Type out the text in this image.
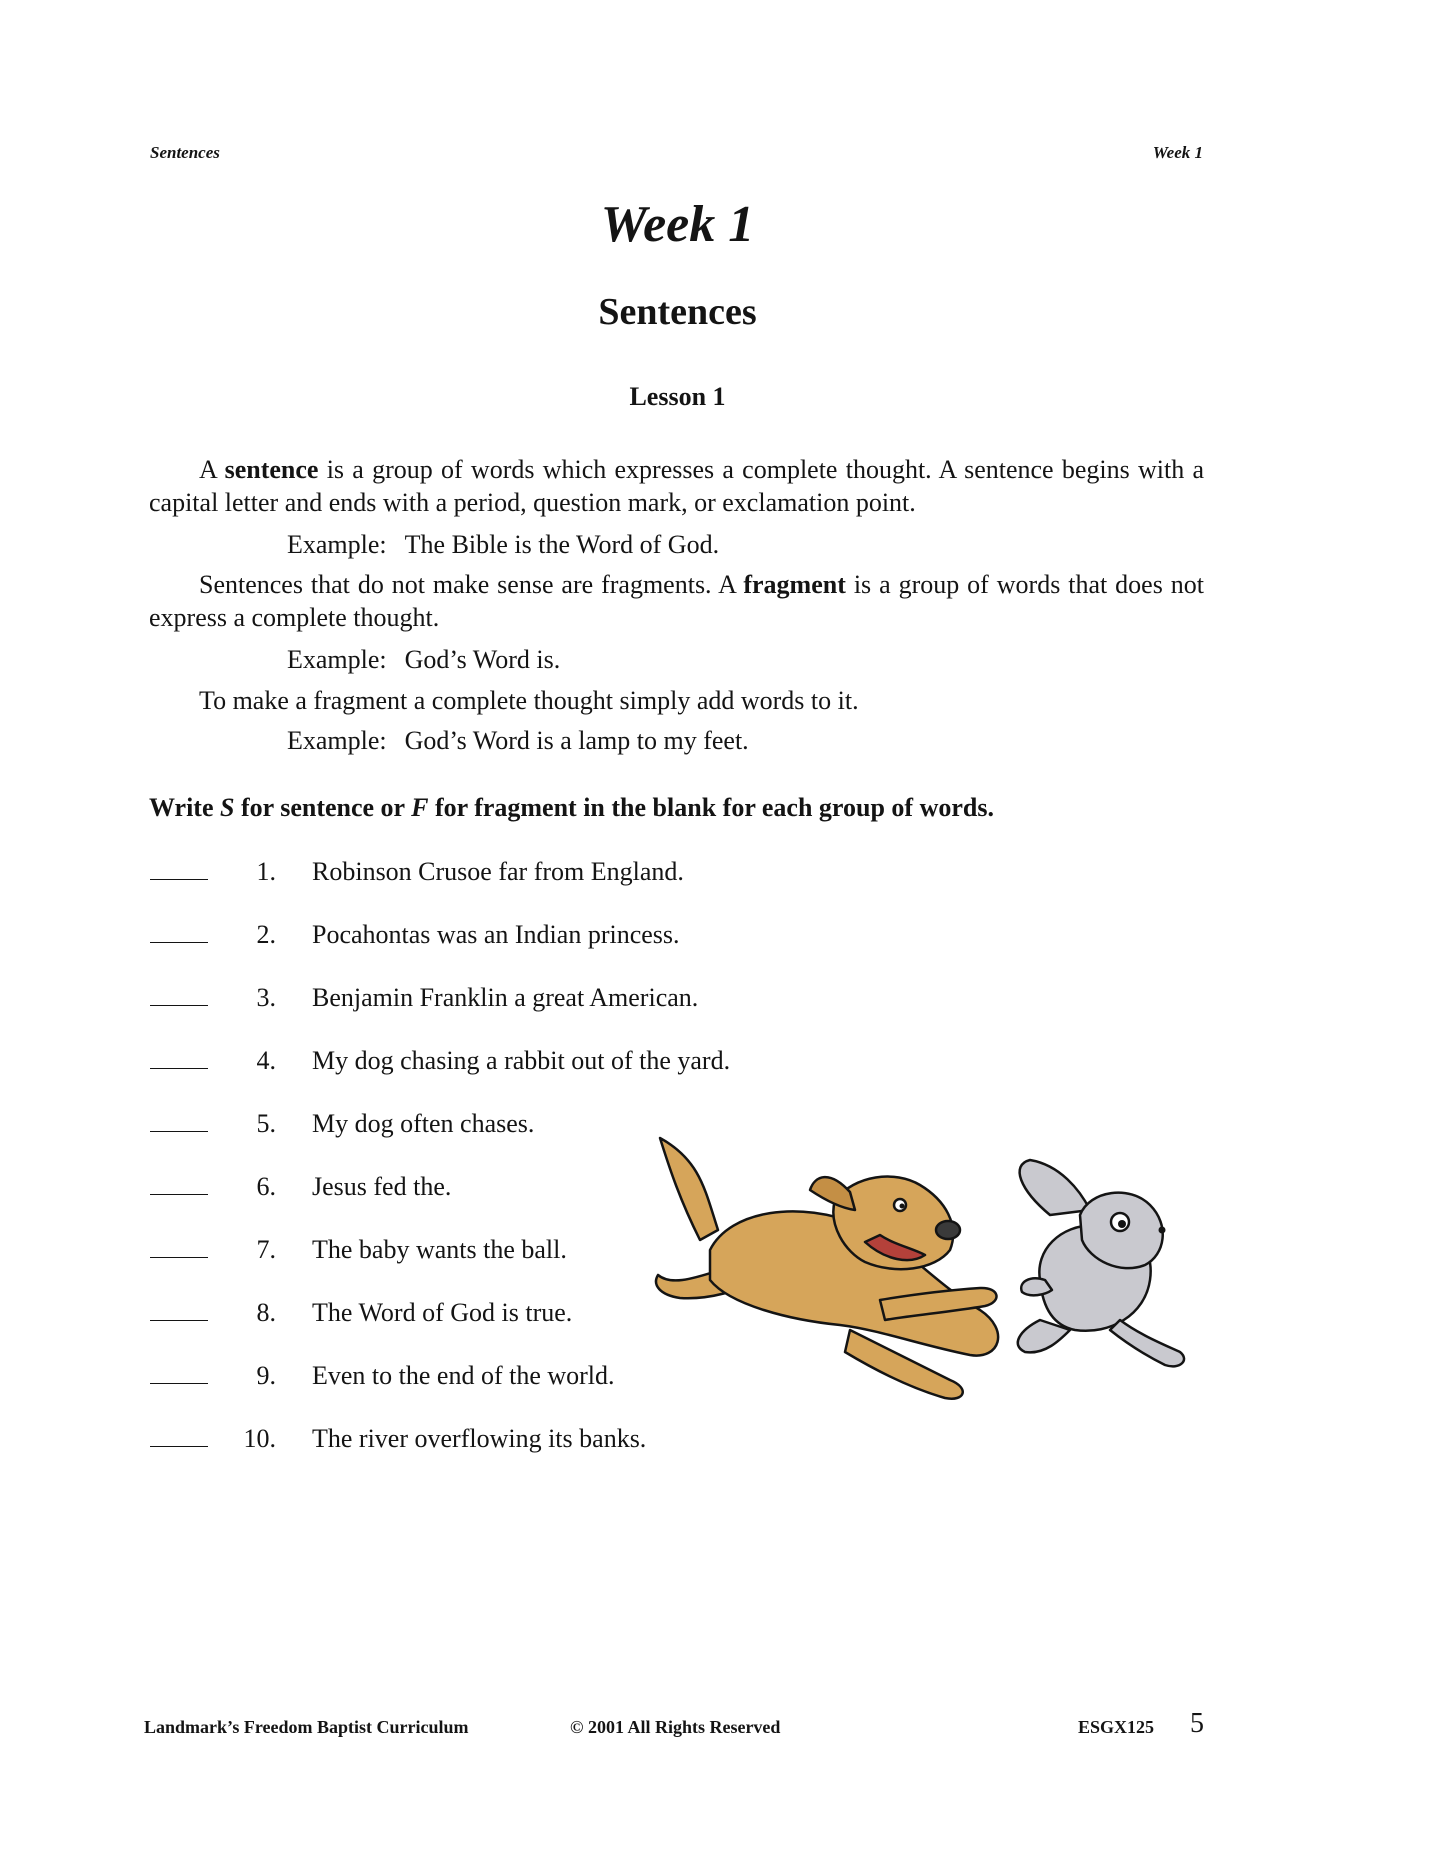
Sentences	Week 1
Week 1
Sentences
Lesson 1
A sentence is a group of words which expresses a complete thought. A sentence begins with a capital letter and ends with a period, question mark, or exclamation point.
Example: The Bible is the Word of God.
Sentences that do not make sense are fragments. A fragment is a group of words that does not express a complete thought.
Example: God’s Word is.
To make a fragment a complete thought simply add words to it.
Example: God’s Word is a lamp to my feet.
Write S for sentence or F for fragment in the blank for each group of words.
1. Robinson Crusoe far from England.
2. Pocahontas was an Indian princess.
3. Benjamin Franklin a great American.
4. My dog chasing a rabbit out of the yard.
5. My dog often chases.
6. Jesus fed the.
7. The baby wants the ball.
8. The Word of God is true.
9. Even to the end of the world.
10. The river overflowing its banks.
Landmark’s Freedom Baptist Curriculum	© 2001 All Rights Reserved	ESGX125 5
